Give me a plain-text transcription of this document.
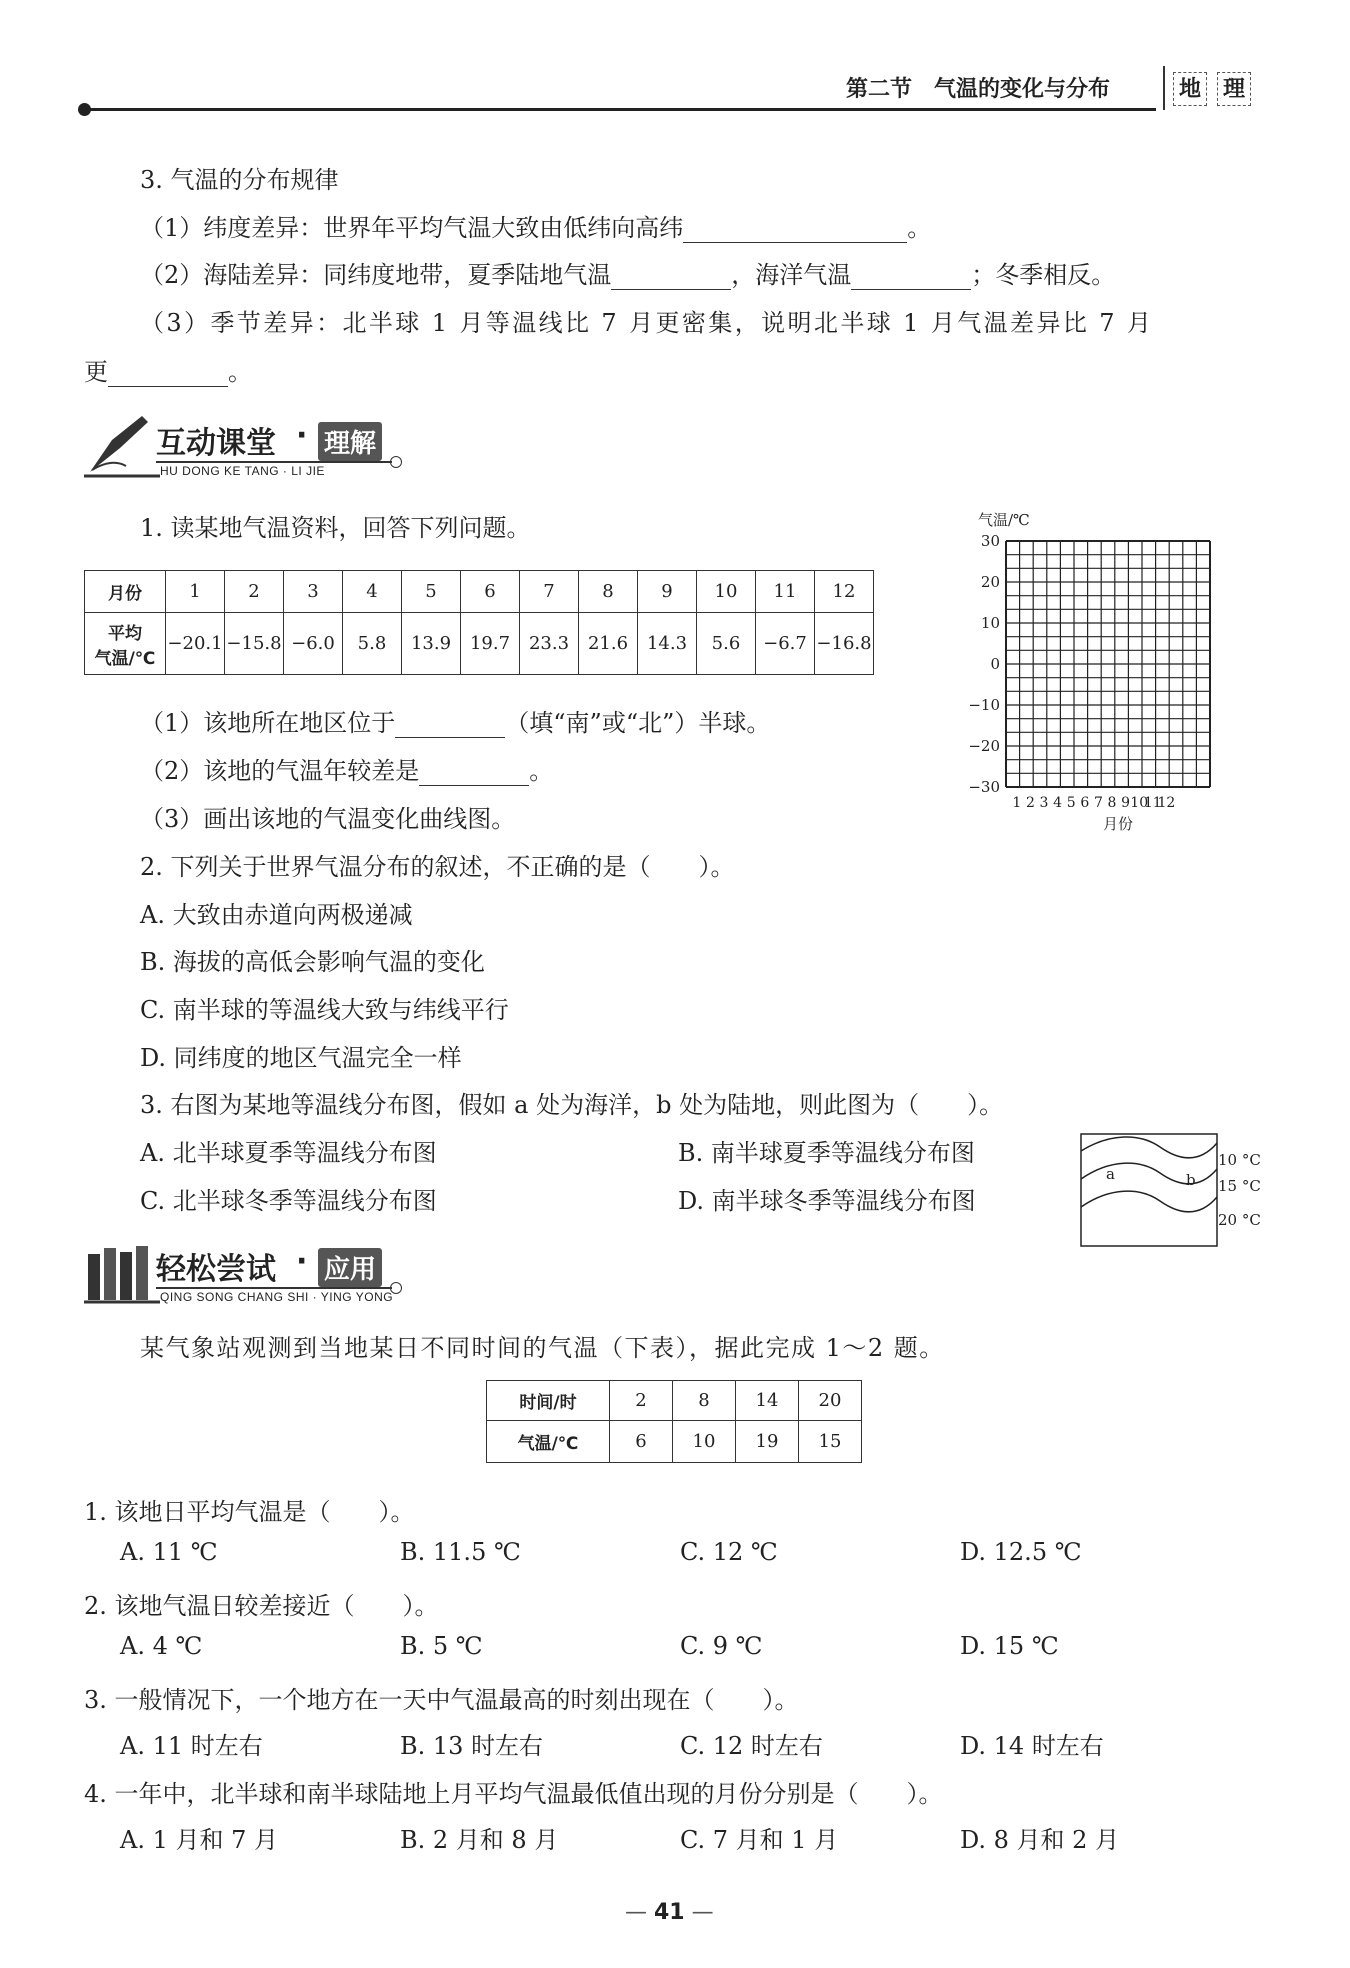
第二节　气温的变化与分布	地 理
3. 气温的分布规律
（1）纬度差异：世界年平均气温大致由低纬向高纬	。
（2）海陆差异：同纬度地带，夏季陆地气温	，海洋气温	；冬季相反。
（3）季节差异：北半球 1 月等温线比 7 月更密集，说明北半球 1 月气温差异比 7 月
更	。
互动课堂 · 理解
HU DONG KE TANG · LI JIE
1. 读某地气温资料，回答下列问题。
月份	1	2	3	4	5	6	7	8	9	10	11	12

平均
气温/℃	−20.1	−15.8	−6.0	5.8	13.9	19.7	23.3	21.6	14.3	5.6	−6.7	−16.8
（1）该地所在地区位于	（填“南”或“北”）半球。
（2）该地的气温年较差是	。
（3）画出该地的气温变化曲线图。
气温/℃
30
20
10
0
−10
−20
−30
1 2 3 4 5 6 7 8 9 10
11
12
月份
2. 下列关于世界气温分布的叙述，不正确的是（　　）。
A. 大致由赤道向两极递减
B. 海拔的高低会影响气温的变化
C. 南半球的等温线大致与纬线平行
D. 同纬度的地区气温完全一样
3. 右图为某地等温线分布图，假如 a 处为海洋，b 处为陆地，则此图为（　　）。
A. 北半球夏季等温线分布图	B. 南半球夏季等温线分布图
C. 北半球冬季等温线分布图	D. 南半球冬季等温线分布图
a	b
10 °C
15 °C
20 °C
轻松尝试 · 应用
QING SONG CHANG SHI · YING YONG
某气象站观测到当地某日不同时间的气温（下表），据此完成 1～2 题。
时间/时	2	8	14	20
气温/℃	6	10	19	15
1. 该地日平均气温是（　　）。
A. 11 ℃	B. 11.5 ℃	C. 12 ℃	D. 12.5 ℃
2. 该地气温日较差接近（　　）。
A. 4 ℃	B. 5 ℃	C. 9 ℃	D. 15 ℃
3. 一般情况下，一个地方在一天中气温最高的时刻出现在（　　）。
A. 11 时左右	B. 13 时左右	C. 12 时左右	D. 14 时左右
4. 一年中，北半球和南半球陆地上月平均气温最低值出现的月份分别是（　　）。
A. 1 月和 7 月	B. 2 月和 8 月	C. 7 月和 1 月	D. 8 月和 2 月
— 41 —
